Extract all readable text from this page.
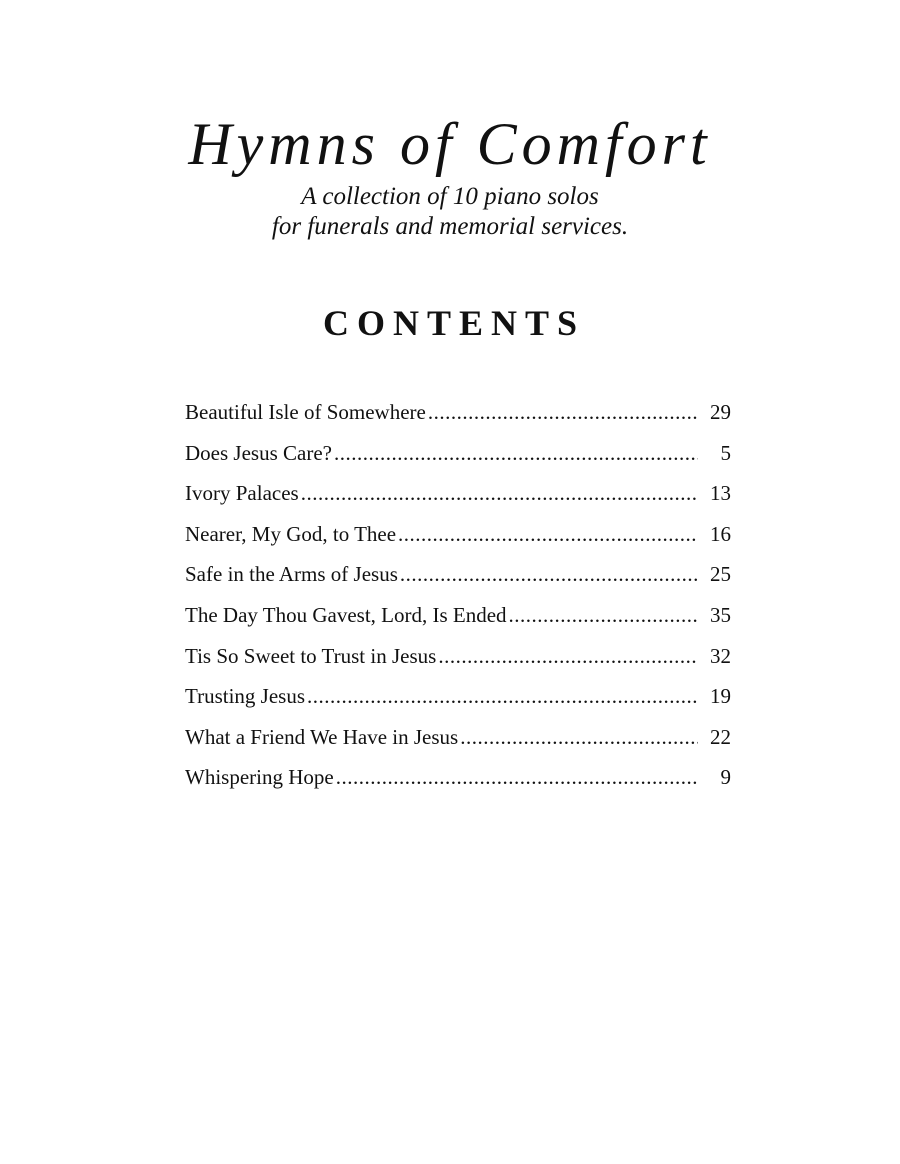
Hymns of Comfort

A collection of 10 piano solos

for funerals and memorial services.

CONTENTS
Beautiful Isle of Somewhere .....	29
Does Jesus Care? .....	5
Ivory Palaces .....	13
Nearer, My God, to Thee .....	16
Safe in the Arms of Jesus .....	25
The Day Thou Gavest, Lord, Is Ended .....	35
Tis So Sweet to Trust in Jesus .....	32
Trusting Jesus .....	19
What a Friend We Have in Jesus .....	22
Whispering Hope .....	9
